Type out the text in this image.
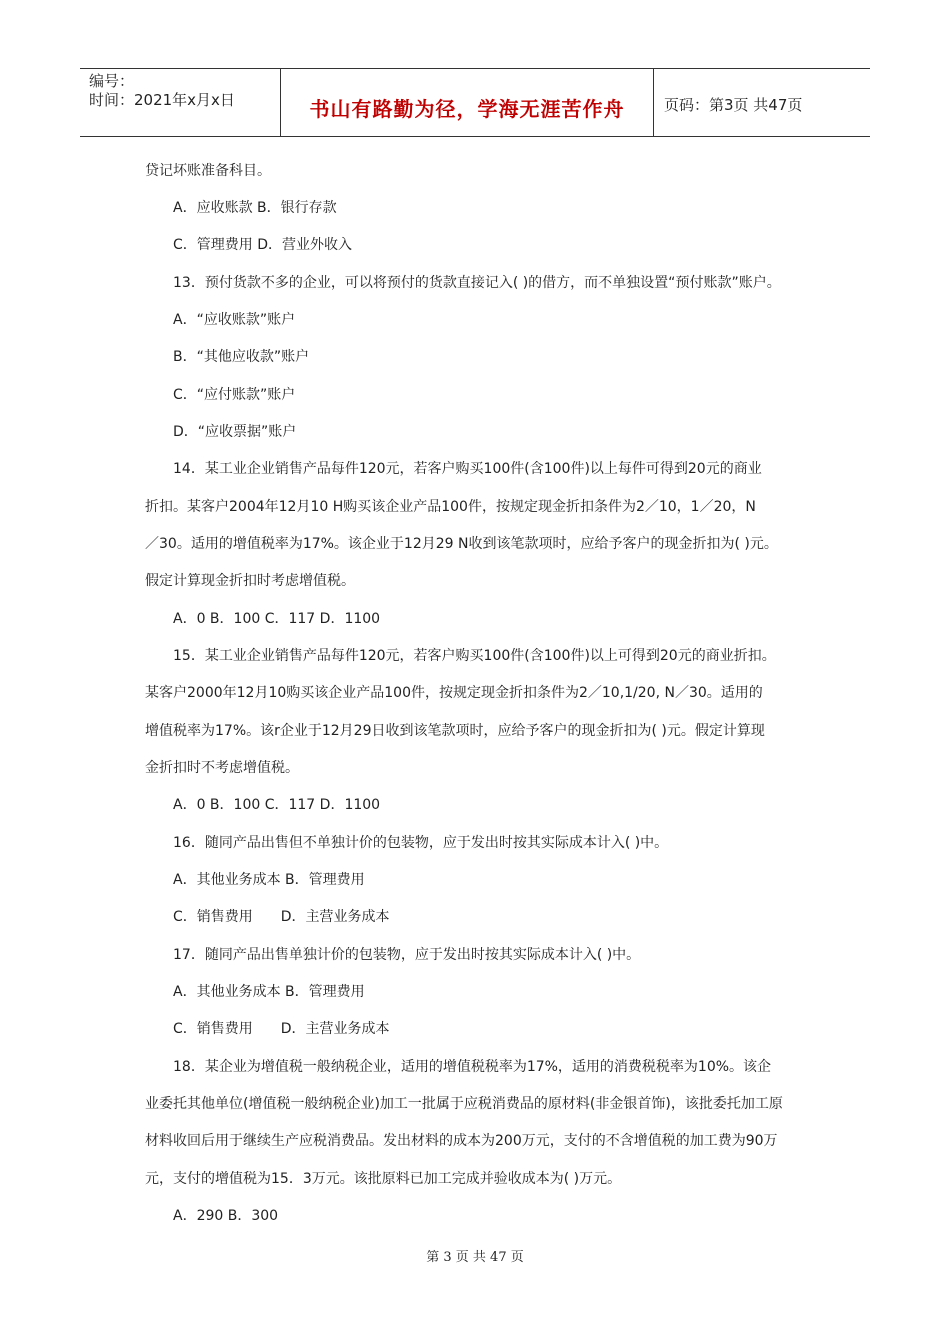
编号：
时间：2021年x月x日	书山有路勤为径，学海无涯苦作舟	页码：第3页 共47页
贷记坏账准备科目。
A．应收账款 B．银行存款
C．管理费用 D．营业外收入
13．预付货款不多的企业，可以将预付的货款直接记入( )的借方，而不单独设置“预付账款”账户。
A．“应收账款”账户
B．“其他应收款”账户
C．“应付账款”账户
D．“应收票据”账户
14．某工业企业销售产品每件120元，若客户购买100件(含100件)以上每件可得到20元的商业
折扣。某客户2004年12月10 H购买该企业产品100件，按规定现金折扣条件为2／10，1／20，N
／30。适用的增值税率为17%。该企业于12月29 N收到该笔款项时，应给予客户的现金折扣为( )元。
假定计算现金折扣时考虑增值税。
A．0 B．100 C．117 D．1100
15．某工业企业销售产品每件120元，若客户购买100件(含100件)以上可得到20元的商业折扣。
某客户2000年12月10购买该企业产品100件，按规定现金折扣条件为2／10,1/20, N／30。适用的
增值税率为17%。该r企业于12月29日收到该笔款项时，应给予客户的现金折扣为( )元。假定计算现
金折扣时不考虑增值税。
A．0 B．100 C．117 D．1100
16．随同产品出售但不单独计价的包装物，应于发出时按其实际成本计入( )中。
A．其他业务成本 B．管理费用
C．销售费用　　D．主营业务成本
17．随同产品出售单独计价的包装物，应于发出时按其实际成本计入( )中。
A．其他业务成本 B．管理费用
C．销售费用　　D．主营业务成本
18．某企业为增值税一般纳税企业，适用的增值税税率为17%，适用的消费税税率为10%。该企
业委托其他单位(增值税一般纳税企业)加工一批属于应税消费品的原材料(非金银首饰)，该批委托加工原
材料收回后用于继续生产应税消费品。发出材料的成本为200万元，支付的不含增值税的加工费为90万
元，支付的增值税为15．3万元。该批原料已加工完成并验收成本为( )万元。
A．290 B．300
第 3 页 共 47 页
